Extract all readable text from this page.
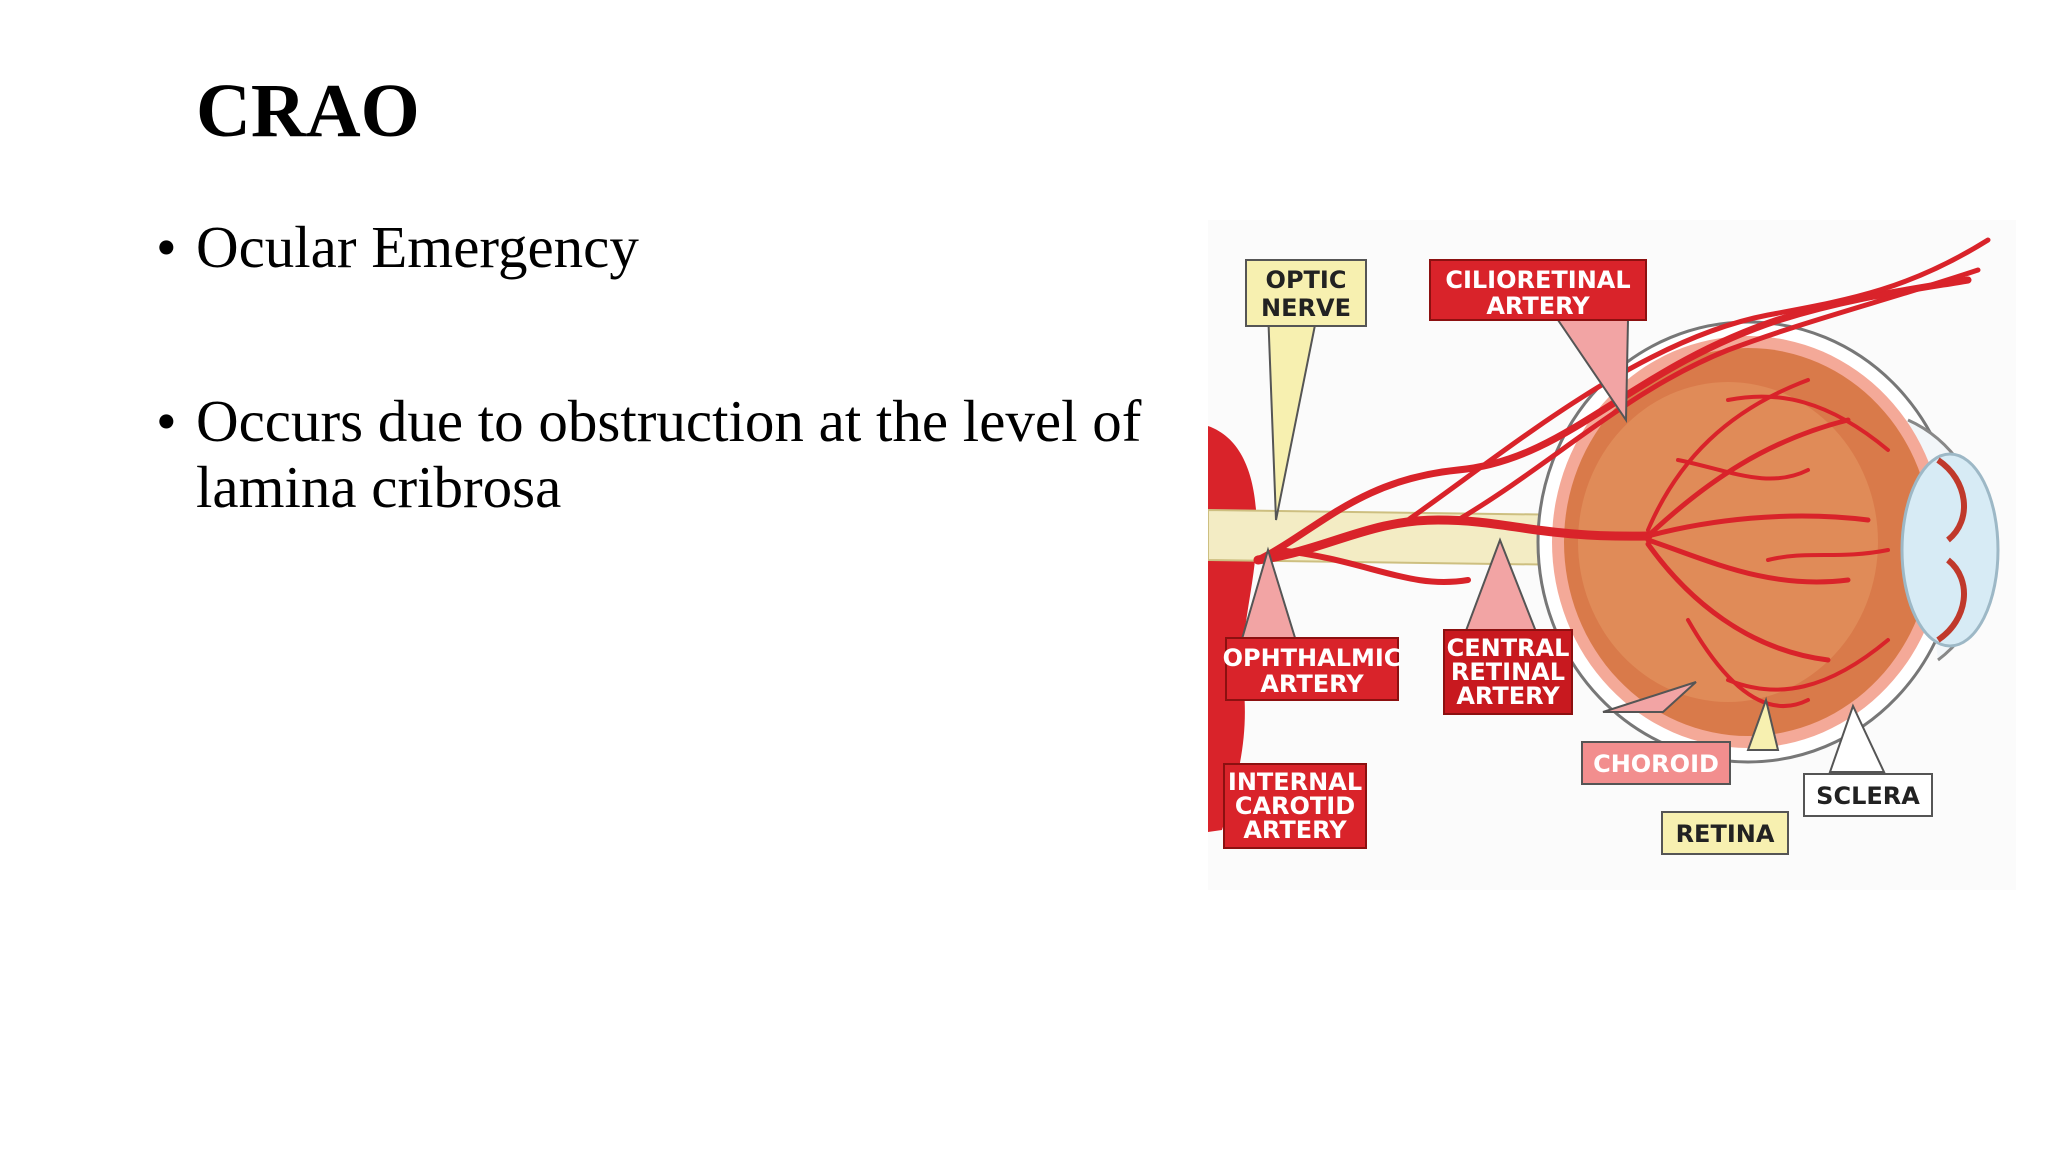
CRAO
• Ocular Emergency
• Occurs due to obstruction at the level of lamina cribrosa
OPTIC
NERVE
CILIORETINAL
ARTERY
OPHTHALMIC
ARTERY
CENTRAL
RETINAL
ARTERY
INTERNAL
CAROTID
ARTERY
CHOROID
RETINA
SCLERA
